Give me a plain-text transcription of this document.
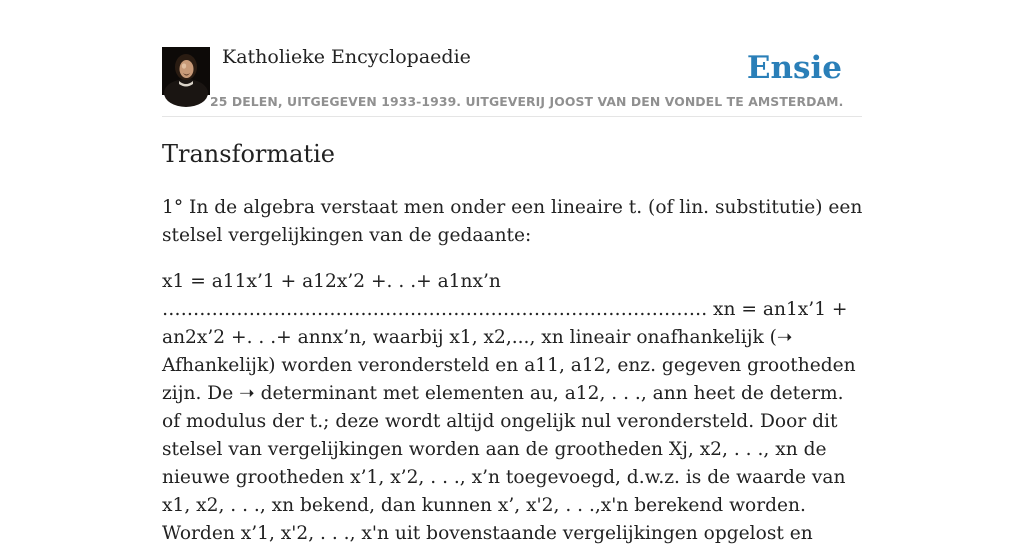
Katholieke Encyclopaedie	Ensie
25 DELEN, UITGEGEVEN 1933-1939. UITGEVERIJ JOOST VAN DEN VONDEL TE AMSTERDAM.
Transformatie

1° In de algebra verstaat men onder een lineaire t. (of lin. substitutie) een stelsel vergelijkingen van de gedaante:

x1 = a11x’1 + a12x’2 +. . .+ a1nx’n ……………………………………………………………………………. xn = an1x’1 + an2x’2 +. . .+ annx’n, waarbij x1, x2,..., xn lineair onafhankelijk (➝ Afhankelijk) worden verondersteld en a11, a12, enz. gegeven grootheden zijn. De ➝ determinant met elementen au, a12, . . ., ann heet de determ. of modulus der t.; deze wordt altijd ongelijk nul verondersteld. Door dit stelsel van vergelijkingen worden aan de grootheden Xj, x2, . . ., xn de nieuwe grootheden x’1, x’2, . . ., x’n toegevoegd, d.w.z. is de waarde van x1, x2, . . ., xn bekend, dan kunnen x’, x'2, . . .,x'n berekend worden. Worden x’1, x'2, . . ., x'n uit bovenstaande vergelijkingen opgelost en
